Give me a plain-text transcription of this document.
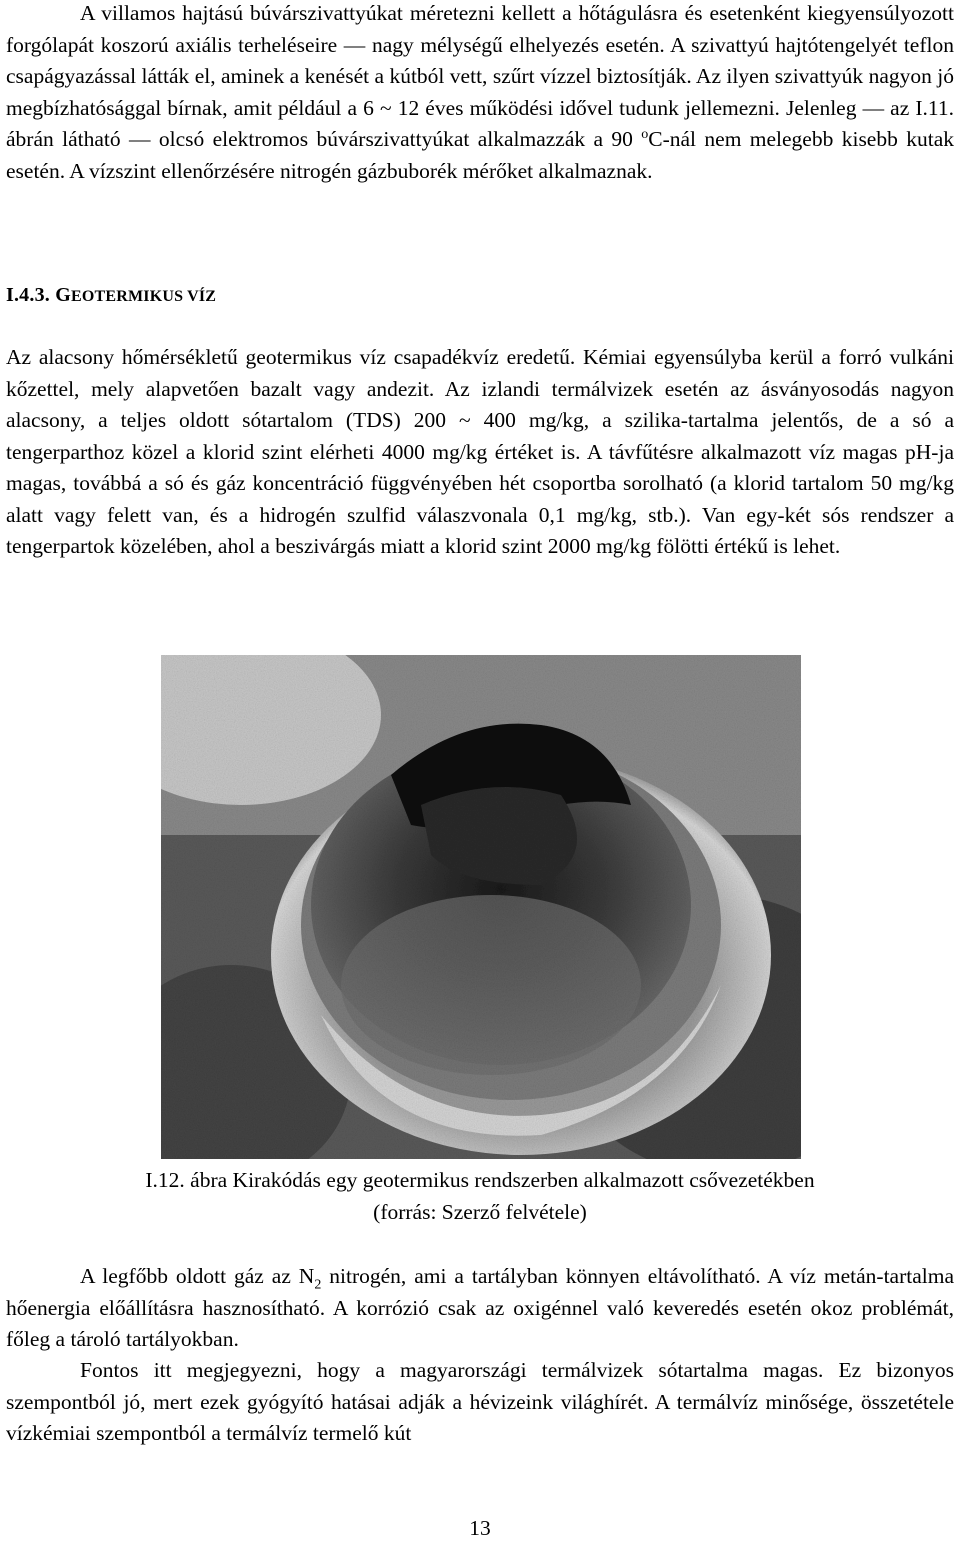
A villamos hajtású búvárszivattyúkat méretezni kellett a hőtágulásra és esetenként kiegyensúlyozott forgólapát koszorú axiális terheléseire — nagy mélységű elhelyezés esetén. A szivattyú hajtótengelyét teflon csapágyazással látták el, aminek a kenését a kútból vett, szűrt vízzel biztosítják. Az ilyen szivattyúk nagyon jó megbízhatósággal bírnak, amit például a 6 ~ 12 éves működési idővel tudunk jellemezni. Jelenleg — az I.11. ábrán látható — olcsó elektromos búvárszivattyúkat alkalmazzák a 90 $^o$C-nál nem melegebb kisebb kutak esetén. A vízszint ellenőrzésére nitrogén gázbuborék mérőket alkalmaznak.

I.4.3. GEOTERMIKUS VÍZ

Az alacsony hőmérsékletű geotermikus víz csapadékvíz eredetű. Kémiai egyensúlyba kerül a forró vulkáni kőzettel, mely alapvetően bazalt vagy andezit. Az izlandi termálvizek esetén az ásványosodás nagyon alacsony, a teljes oldott sótartalom (TDS) 200 ~ 400 mg/kg, a szilika-tartalma jelentős, de a só a tengerparthoz közel a klorid szint elérheti 4000 mg/kg értéket is. A távfűtésre alkalmazott víz magas pH-ja magas, továbbá a só és gáz koncentráció függvényében hét csoportba sorolható (a klorid tartalom 50 mg/kg alatt vagy felett van, és a hidrogén szulfid válaszvonala 0,1 mg/kg, stb.). Van egy-két sós rendszer a tengerpartok közelében, ahol a beszivárgás miatt a klorid szint 2000 mg/kg fölötti értékű is lehet.

I.12. ábra Kirakódás egy geotermikus rendszerben alkalmazott csővezetékben
(forrás: Szerző felvétele)

A legfőbb oldott gáz az $N_2$ nitrogén, ami a tartályban könnyen eltávolítható. A víz metán-tartalma hőenergia előállításra hasznosítható. A korrózió csak az oxigénnel való keveredés esetén okoz problémát, főleg a tároló tartályokban.

Fontos itt megjegyezni, hogy a magyarországi termálvizek sótartalma magas. Ez bizonyos szempontból jó, mert ezek gyógyító hatásai adják a hévizeink világhírét. A termálvíz minősége, összetétele vízkémiai szempontból a termálvíz termelő kút

13
